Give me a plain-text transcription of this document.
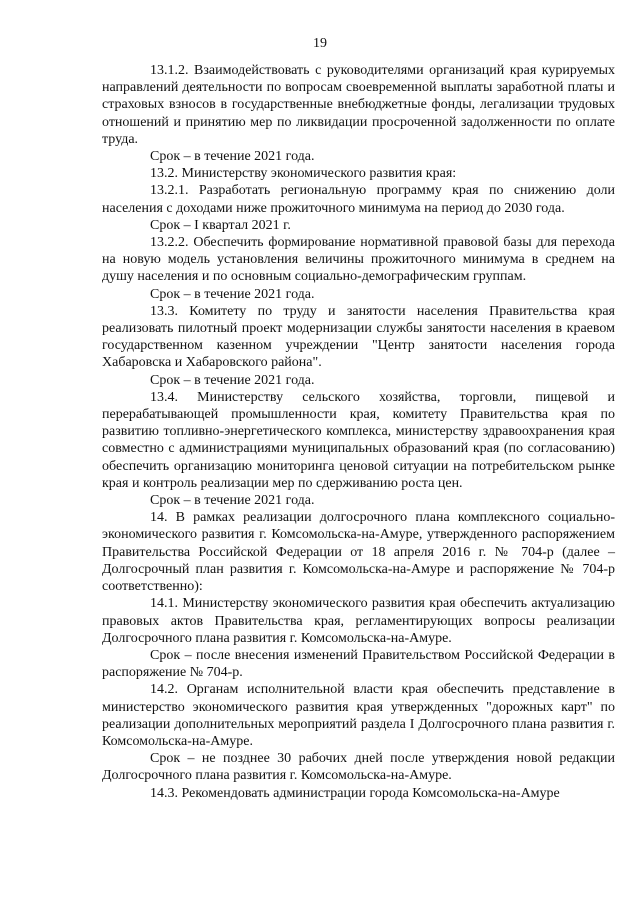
19

13.1.2. Взаимодействовать с руководителями организаций края курируемых направлений деятельности по вопросам своевременной выплаты заработной платы и страховых взносов в государственные внебюджетные фонды, легализации трудовых отношений и принятию мер по ликвидации просроченной задолженности по оплате труда.

Срок – в течение 2021 года.

13.2. Министерству экономического развития края:

13.2.1. Разработать региональную программу края по снижению доли населения с доходами ниже прожиточного минимума на период до 2030 года.

Срок – I квартал 2021 г.

13.2.2. Обеспечить формирование нормативной правовой базы для перехода на новую модель установления величины прожиточного минимума в среднем на душу населения и по основным социально-демографическим группам.

Срок – в течение 2021 года.

13.3. Комитету по труду и занятости населения Правительства края реализовать пилотный проект модернизации службы занятости населения в краевом государственном казенном учреждении "Центр занятости населения города Хабаровска и Хабаровского района".

Срок – в течение 2021 года.

13.4. Министерству сельского хозяйства, торговли, пищевой и перерабатывающей промышленности края, комитету Правительства края по развитию топливно-энергетического комплекса, министерству здравоохранения края совместно с администрациями муниципальных образований края (по согласованию) обеспечить организацию мониторинга ценовой ситуации на потребительском рынке края и контроль реализации мер по сдерживанию роста цен.

Срок – в течение 2021 года.

14. В рамках реализации долгосрочного плана комплексного социально-экономического развития г. Комсомольска-на-Амуре, утвержденного распоряжением Правительства Российской Федерации от 18 апреля 2016 г. № 704-р (далее – Долгосрочный план развития г. Комсомольска-на-Амуре и распоряжение № 704-р соответственно):

14.1. Министерству экономического развития края обеспечить актуализацию правовых актов Правительства края, регламентирующих вопросы реализации Долгосрочного плана развития г. Комсомольска-на-Амуре.

Срок – после внесения изменений Правительством Российской Федерации в распоряжение № 704-р.

14.2. Органам исполнительной власти края обеспечить представление в министерство экономического развития края утвержденных "дорожных карт" по реализации дополнительных мероприятий раздела I Долгосрочного плана развития г. Комсомольска-на-Амуре.

Срок – не позднее 30 рабочих дней после утверждения новой редакции Долгосрочного плана развития г. Комсомольска-на-Амуре.

14.3. Рекомендовать администрации города Комсомольска-на-Амуре
